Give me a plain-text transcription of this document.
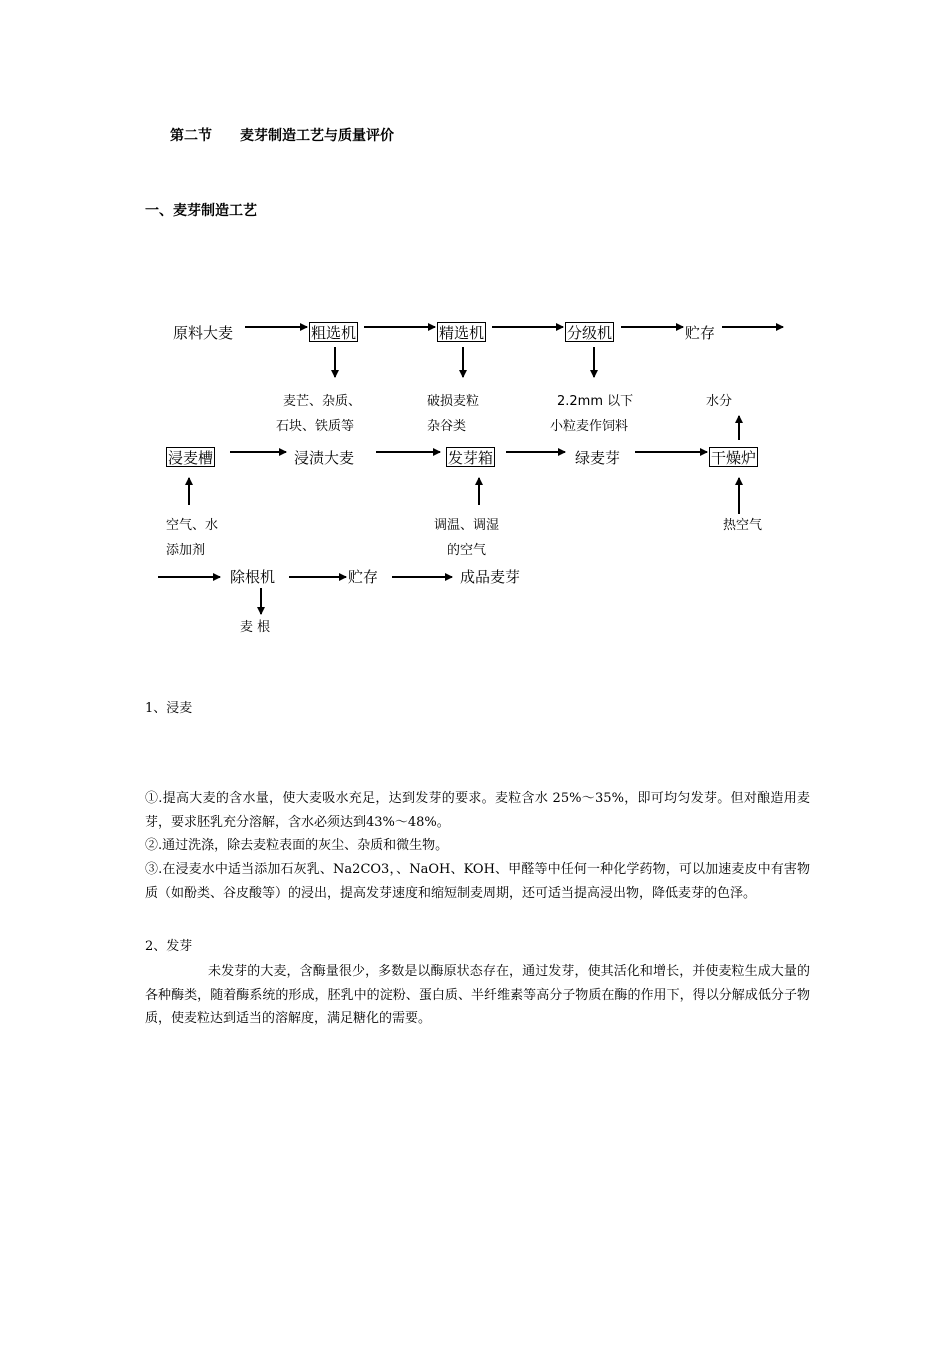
第二节　　麦芽制造工艺与质量评价
一、麦芽制造工艺
原料大麦	粗选机	精选机	分级机	贮存
麦芒、杂质、
石块、铁质等
破损麦粒
杂谷类
2.2mm 以下
小粒麦作饲料
水分
浸麦槽	浸渍大麦	发芽箱	绿麦芽	干燥炉
空气、水
添加剂
调温、调湿
的空气
热空气
除根机	贮存	成品麦芽
麦 根
1、浸麦
①.提高大麦的含水量，使大麦吸水充足，达到发芽的要求。麦粒含水 25%～35%，即可均匀发芽。但对酿造用麦芽，要求胚乳充分溶解，含水必须达到43%～48%。
②.通过洗涤，除去麦粒表面的灰尘、杂质和微生物。
③.在浸麦水中适当添加石灰乳、Na2CO3，、NaOH、KOH、甲醛等中任何一种化学药物，可以加速麦皮中有害物质（如酚类、谷皮酸等）的浸出，提高发芽速度和缩短制麦周期，还可适当提高浸出物，降低麦芽的色泽。
2、发芽
未发芽的大麦，含酶量很少，多数是以酶原状态存在，通过发芽，使其活化和增长，并使麦粒生成大量的各种酶类，随着酶系统的形成，胚乳中的淀粉、蛋白质、半纤维素等高分子物质在酶的作用下，得以分解成低分子物质，使麦粒达到适当的溶解度，满足糖化的需要。
